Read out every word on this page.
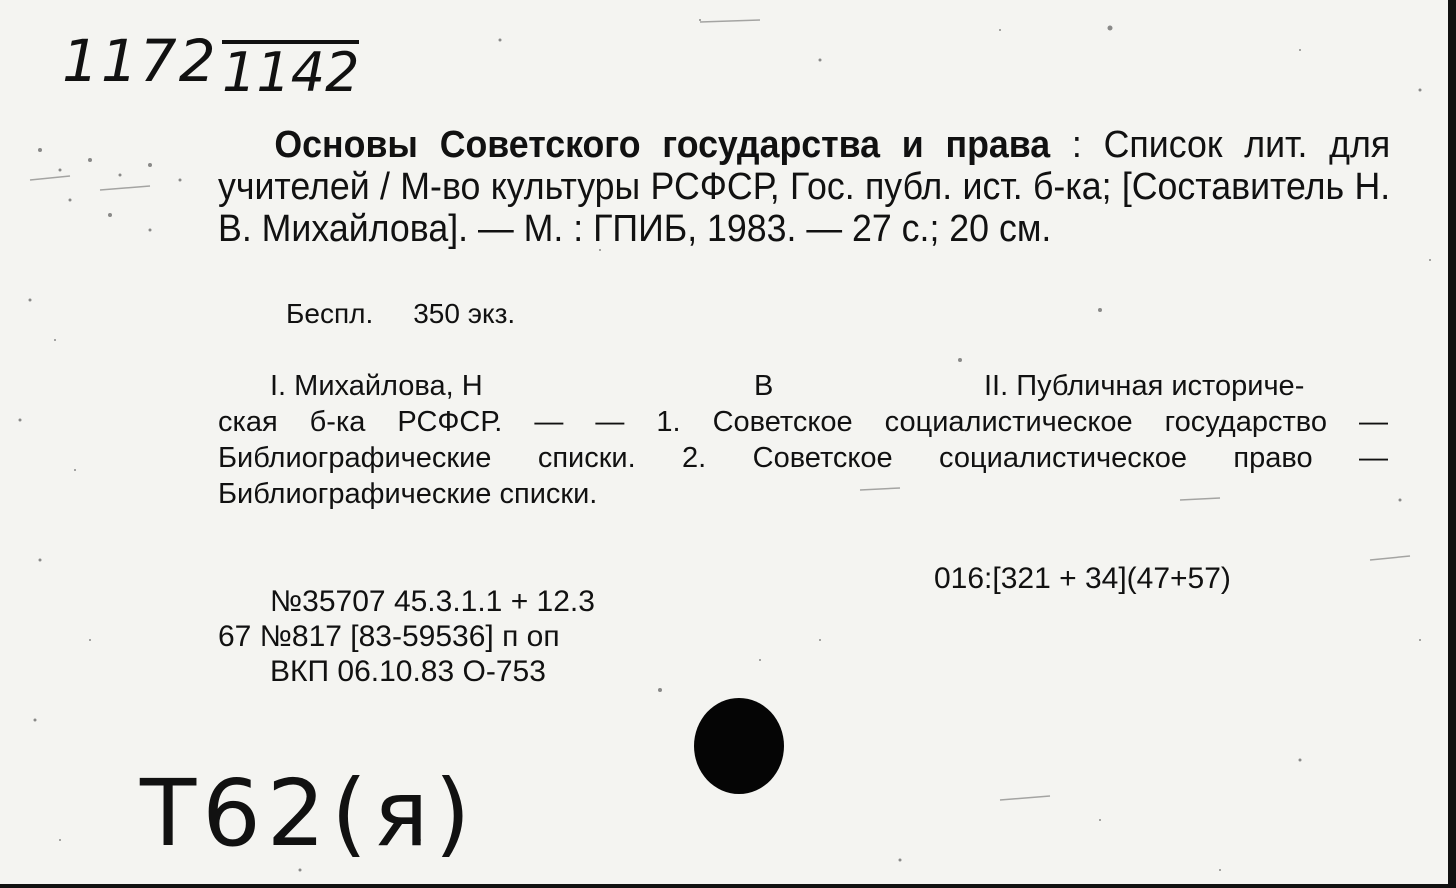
1172 1142
Основы Советского государства и права : Список лит. для учителей / М-во культуры РСФСР, Гос. публ. ист. б-ка; [Составитель Н. В. Михайлова]. — М. : ГПИБ, 1983. — 27 с.; 20 см.
Беспл. 350 экз.
I. Михайлова, Н	В	II. Публичная историче-
ская б-ка РСФСР. — — 1. Советское социалистическое государство — Библиографические списки. 2. Советское социалистическое право — Библиографические списки.
016:[321 + 34](47+57)
№35707 45.3.1.1 + 12.3
67 №817 [83-59536] п оп
ВКП 06.10.83 О-753
Т62(я)
